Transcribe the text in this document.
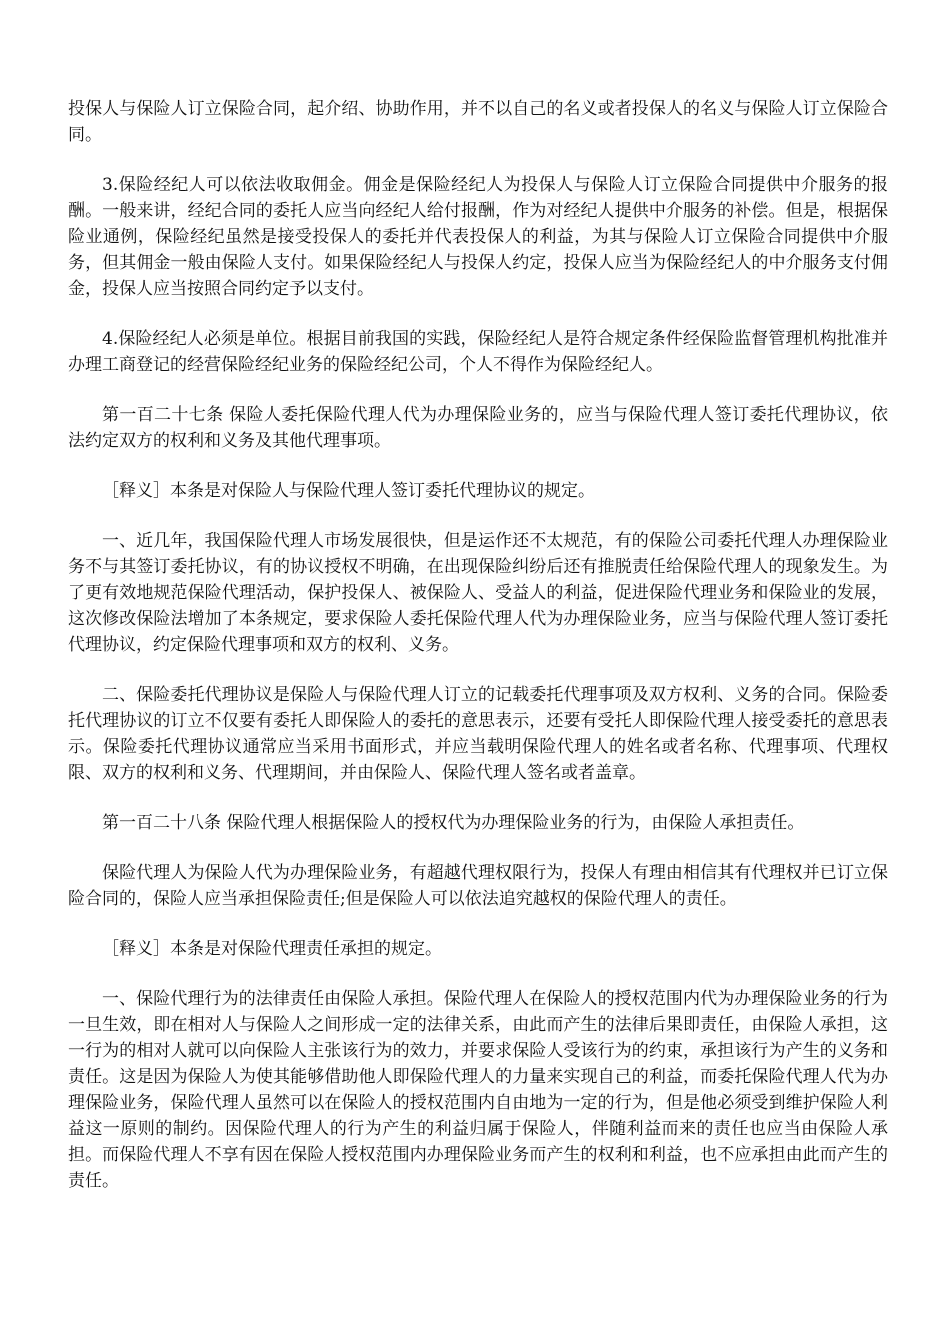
投保人与保险人订立保险合同，起介绍、协助作用，并不以自己的名义或者投保人的名义与保险人订立保险合同。

3.保险经纪人可以依法收取佣金。佣金是保险经纪人为投保人与保险人订立保险合同提供中介服务的报酬。一般来讲，经纪合同的委托人应当向经纪人给付报酬，作为对经纪人提供中介服务的补偿。但是，根据保险业通例，保险经纪虽然是接受投保人的委托并代表投保人的利益，为其与保险人订立保险合同提供中介服务，但其佣金一般由保险人支付。如果保险经纪人与投保人约定，投保人应当为保险经纪人的中介服务支付佣金，投保人应当按照合同约定予以支付。

4.保险经纪人必须是单位。根据目前我国的实践，保险经纪人是符合规定条件经保险监督管理机构批准并办理工商登记的经营保险经纪业务的保险经纪公司，个人不得作为保险经纪人。

第一百二十七条 保险人委托保险代理人代为办理保险业务的，应当与保险代理人签订委托代理协议，依法约定双方的权利和义务及其他代理事项。

［释义］本条是对保险人与保险代理人签订委托代理协议的规定。

一、近几年，我国保险代理人市场发展很快，但是运作还不太规范，有的保险公司委托代理人办理保险业务不与其签订委托协议，有的协议授权不明确，在出现保险纠纷后还有推脱责任给保险代理人的现象发生。为了更有效地规范保险代理活动，保护投保人、被保险人、受益人的利益，促进保险代理业务和保险业的发展，这次修改保险法增加了本条规定，要求保险人委托保险代理人代为办理保险业务，应当与保险代理人签订委托代理协议，约定保险代理事项和双方的权利、义务。

二、保险委托代理协议是保险人与保险代理人订立的记载委托代理事项及双方权利、义务的合同。保险委托代理协议的订立不仅要有委托人即保险人的委托的意思表示，还要有受托人即保险代理人接受委托的意思表示。保险委托代理协议通常应当采用书面形式，并应当载明保险代理人的姓名或者名称、代理事项、代理权限、双方的权利和义务、代理期间，并由保险人、保险代理人签名或者盖章。

第一百二十八条 保险代理人根据保险人的授权代为办理保险业务的行为，由保险人承担责任。

保险代理人为保险人代为办理保险业务，有超越代理权限行为，投保人有理由相信其有代理权并已订立保险合同的，保险人应当承担保险责任;但是保险人可以依法追究越权的保险代理人的责任。

［释义］本条是对保险代理责任承担的规定。

一、保险代理行为的法律责任由保险人承担。保险代理人在保险人的授权范围内代为办理保险业务的行为一旦生效，即在相对人与保险人之间形成一定的法律关系，由此而产生的法律后果即责任，由保险人承担，这一行为的相对人就可以向保险人主张该行为的效力，并要求保险人受该行为的约束，承担该行为产生的义务和责任。这是因为保险人为使其能够借助他人即保险代理人的力量来实现自己的利益，而委托保险代理人代为办理保险业务，保险代理人虽然可以在保险人的授权范围内自由地为一定的行为，但是他必须受到维护保险人利益这一原则的制约。因保险代理人的行为产生的利益归属于保险人，伴随利益而来的责任也应当由保险人承担。而保险代理人不享有因在保险人授权范围内办理保险业务而产生的权利和利益，也不应承担由此而产生的责任。
